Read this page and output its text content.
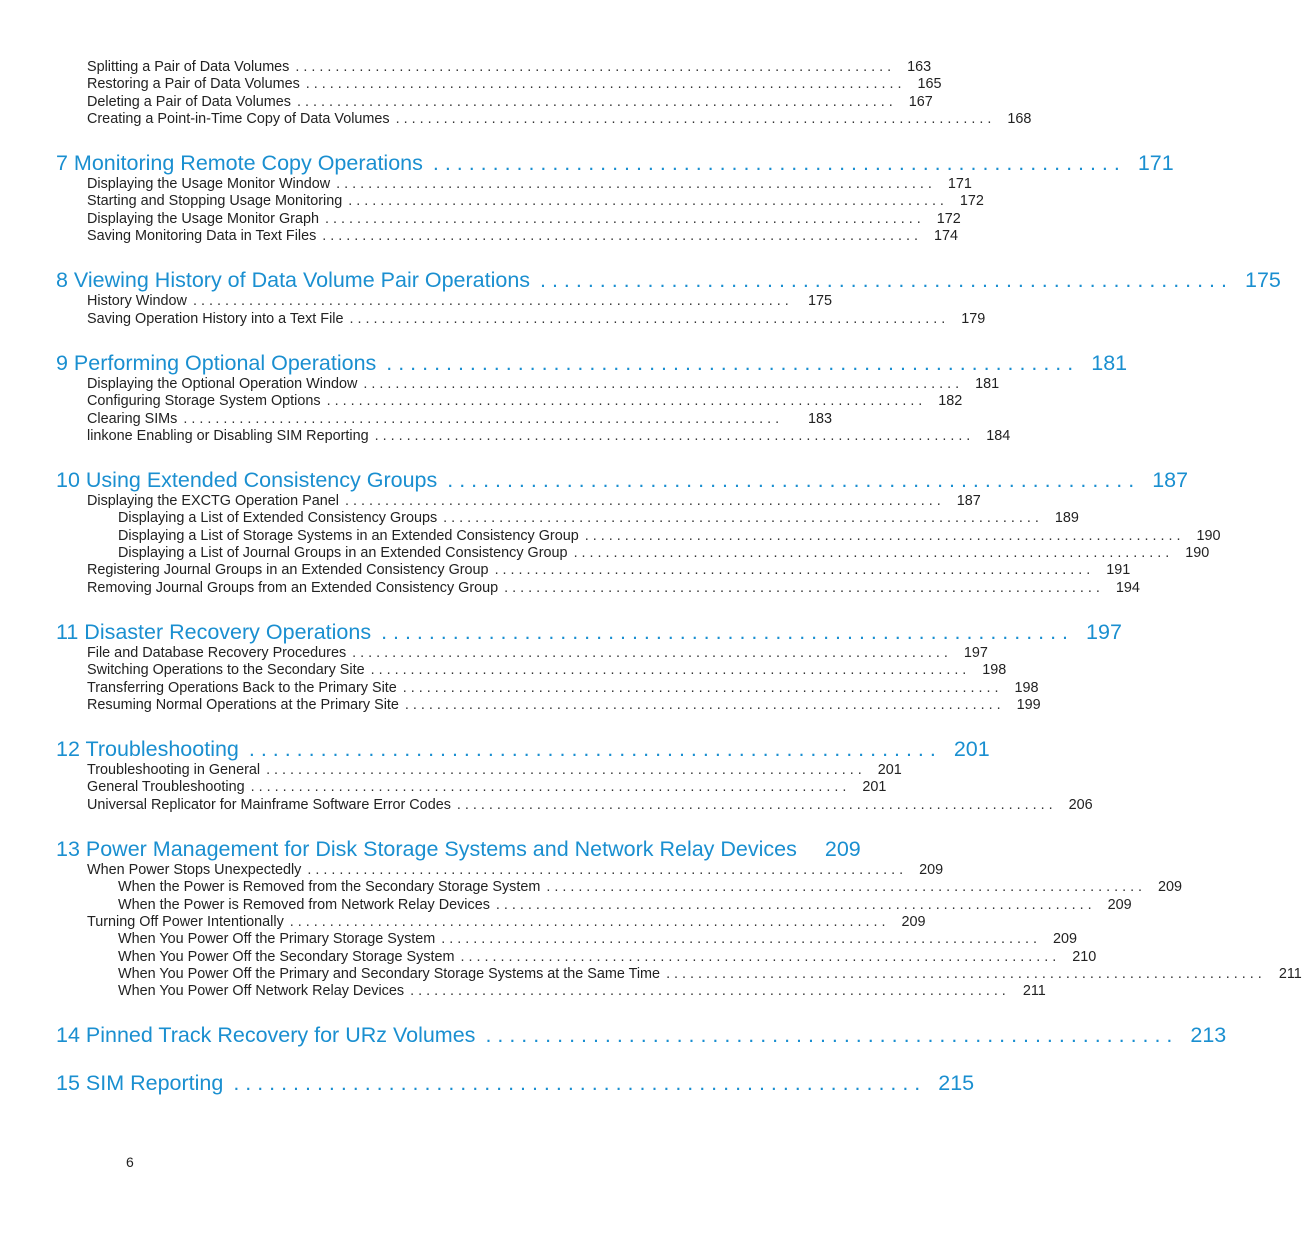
Splitting a Pair of Data Volumes . . . . . . . . . . . . . . . . . . . . . . . . . . . . . . . . . . . . . . . . . . . . . . . . . . . . . . . . . . . . . . . . . . . . . . . . . . . 163
Restoring a Pair of Data Volumes . . . . . . . . . . . . . . . . . . . . . . . . . . . . . . . . . . . . . . . . . . . . . . . . . . . . . . . . . . . . . . . . . . . . . . . . . . . 165
Deleting a Pair of Data Volumes . . . . . . . . . . . . . . . . . . . . . . . . . . . . . . . . . . . . . . . . . . . . . . . . . . . . . . . . . . . . . . . . . . . . . . . . . . . 167
Creating a Point-in-Time Copy of Data Volumes . . . . . . . . . . . . . . . . . . . . . . . . . . . . . . . . . . . . . . . . . . . . . . . . . . . . . . . . . . . . . . . . . . . . . . . . . . . 168
7 Monitoring Remote Copy Operations . . . . . . . . . . . . . . . . . . . . . . . . . . . . . . . . . . . . . . . . . . . . . . . . . . . . . . . . . . 171
Displaying the Usage Monitor Window . . . . . . . . . . . . . . . . . . . . . . . . . . . . . . . . . . . . . . . . . . . . . . . . . . . . . . . . . . . . . . . . . . . . . . . . . . . 171
Starting and Stopping Usage Monitoring . . . . . . . . . . . . . . . . . . . . . . . . . . . . . . . . . . . . . . . . . . . . . . . . . . . . . . . . . . . . . . . . . . . . . . . . . . . 172
Displaying the Usage Monitor Graph . . . . . . . . . . . . . . . . . . . . . . . . . . . . . . . . . . . . . . . . . . . . . . . . . . . . . . . . . . . . . . . . . . . . . . . . . . . 172
Saving Monitoring Data in Text Files . . . . . . . . . . . . . . . . . . . . . . . . . . . . . . . . . . . . . . . . . . . . . . . . . . . . . . . . . . . . . . . . . . . . . . . . . . . 174
8 Viewing History of Data Volume Pair Operations . . . . . . . . . . . . . . . . . . . . . . . . . . . . . . . . . . . . . . . . . . . . . . . . . . . . . . . . . . 175
History Window . . . . . . . . . . . . . . . . . . . . . . . . . . . . . . . . . . . . . . . . . . . . . . . . . . . . . . . . . . . . . . . . . . . . . . . . . . . 175
Saving Operation History into a Text File . . . . . . . . . . . . . . . . . . . . . . . . . . . . . . . . . . . . . . . . . . . . . . . . . . . . . . . . . . . . . . . . . . . . . . . . . . . 179
9 Performing Optional Operations . . . . . . . . . . . . . . . . . . . . . . . . . . . . . . . . . . . . . . . . . . . . . . . . . . . . . . . . . . 181
Displaying the Optional Operation Window . . . . . . . . . . . . . . . . . . . . . . . . . . . . . . . . . . . . . . . . . . . . . . . . . . . . . . . . . . . . . . . . . . . . . . . . . . . 181
Configuring Storage System Options . . . . . . . . . . . . . . . . . . . . . . . . . . . . . . . . . . . . . . . . . . . . . . . . . . . . . . . . . . . . . . . . . . . . . . . . . . . 182
Clearing SIMs . . . . . . . . . . . . . . . . . . . . . . . . . . . . . . . . . . . . . . . . . . . . . . . . . . . . . . . . . . . . . . . . . . . . . . . . . . .	183
linkone Enabling or Disabling SIM Reporting . . . . . . . . . . . . . . . . . . . . . . . . . . . . . . . . . . . . . . . . . . . . . . . . . . . . . . . . . . . . . . . . . . . . . . . . . . . 184
10 Using Extended Consistency Groups . . . . . . . . . . . . . . . . . . . . . . . . . . . . . . . . . . . . . . . . . . . . . . . . . . . . . . . . . . 187
Displaying the EXCTG Operation Panel . . . . . . . . . . . . . . . . . . . . . . . . . . . . . . . . . . . . . . . . . . . . . . . . . . . . . . . . . . . . . . . . . . . . . . . . . . . 187
Displaying a List of Extended Consistency Groups . . . . . . . . . . . . . . . . . . . . . . . . . . . . . . . . . . . . . . . . . . . . . . . . . . . . . . . . . . . . . . . . . . . . . . . . . . . 189
Displaying a List of Storage Systems in an Extended Consistency Group . . . . . . . . . . . . . . . . . . . . . . . . . . . . . . . . . . . . . . . . . . . . . . . . . . . . . . . . . . . . . . . . . . . . . . . . . . . 190
Displaying a List of Journal Groups in an Extended Consistency Group . . . . . . . . . . . . . . . . . . . . . . . . . . . . . . . . . . . . . . . . . . . . . . . . . . . . . . . . . . . . . . . . . . . . . . . . . . . 190
Registering Journal Groups in an Extended Consistency Group . . . . . . . . . . . . . . . . . . . . . . . . . . . . . . . . . . . . . . . . . . . . . . . . . . . . . . . . . . . . . . . . . . . . . . . . . . . 191
Removing Journal Groups from an Extended Consistency Group . . . . . . . . . . . . . . . . . . . . . . . . . . . . . . . . . . . . . . . . . . . . . . . . . . . . . . . . . . . . . . . . . . . . . . . . . . . 194
11 Disaster Recovery Operations . . . . . . . . . . . . . . . . . . . . . . . . . . . . . . . . . . . . . . . . . . . . . . . . . . . . . . . . . . 197
File and Database Recovery Procedures . . . . . . . . . . . . . . . . . . . . . . . . . . . . . . . . . . . . . . . . . . . . . . . . . . . . . . . . . . . . . . . . . . . . . . . . . . . 197
Switching Operations to the Secondary Site . . . . . . . . . . . . . . . . . . . . . . . . . . . . . . . . . . . . . . . . . . . . . . . . . . . . . . . . . . . . . . . . . . . . . . . . . . . 198
Transferring Operations Back to the Primary Site . . . . . . . . . . . . . . . . . . . . . . . . . . . . . . . . . . . . . . . . . . . . . . . . . . . . . . . . . . . . . . . . . . . . . . . . . . . 198
Resuming Normal Operations at the Primary Site . . . . . . . . . . . . . . . . . . . . . . . . . . . . . . . . . . . . . . . . . . . . . . . . . . . . . . . . . . . . . . . . . . . . . . . . . . . 199
12 Troubleshooting . . . . . . . . . . . . . . . . . . . . . . . . . . . . . . . . . . . . . . . . . . . . . . . . . . . . . . . . . . 201
Troubleshooting in General . . . . . . . . . . . . . . . . . . . . . . . . . . . . . . . . . . . . . . . . . . . . . . . . . . . . . . . . . . . . . . . . . . . . . . . . . . . 201
General Troubleshooting . . . . . . . . . . . . . . . . . . . . . . . . . . . . . . . . . . . . . . . . . . . . . . . . . . . . . . . . . . . . . . . . . . . . . . . . . . . 201
Universal Replicator for Mainframe Software Error Codes . . . . . . . . . . . . . . . . . . . . . . . . . . . . . . . . . . . . . . . . . . . . . . . . . . . . . . . . . . . . . . . . . . . . . . . . . . . 206
13 Power Management for Disk Storage Systems and Network Relay Devices 209
When Power Stops Unexpectedly . . . . . . . . . . . . . . . . . . . . . . . . . . . . . . . . . . . . . . . . . . . . . . . . . . . . . . . . . . . . . . . . . . . . . . . . . . . 209
When the Power is Removed from the Secondary Storage System . . . . . . . . . . . . . . . . . . . . . . . . . . . . . . . . . . . . . . . . . . . . . . . . . . . . . . . . . . . . . . . . . . . . . . . . . . . 209
When the Power is Removed from Network Relay Devices . . . . . . . . . . . . . . . . . . . . . . . . . . . . . . . . . . . . . . . . . . . . . . . . . . . . . . . . . . . . . . . . . . . . . . . . . . . 209
Turning Off Power Intentionally . . . . . . . . . . . . . . . . . . . . . . . . . . . . . . . . . . . . . . . . . . . . . . . . . . . . . . . . . . . . . . . . . . . . . . . . . . . 209
When You Power Off the Primary Storage System . . . . . . . . . . . . . . . . . . . . . . . . . . . . . . . . . . . . . . . . . . . . . . . . . . . . . . . . . . . . . . . . . . . . . . . . . . . 209
When You Power Off the Secondary Storage System . . . . . . . . . . . . . . . . . . . . . . . . . . . . . . . . . . . . . . . . . . . . . . . . . . . . . . . . . . . . . . . . . . . . . . . . . . . 210
When You Power Off the Primary and Secondary Storage Systems at the Same Time . . . . . . . . . . . . . . . . . . . . . . . . . . . . . . . . . . . . . . . . . . . . . . . . . . . . . . . . . . . . . . . . . . . . . . . . . . . 211
When You Power Off Network Relay Devices . . . . . . . . . . . . . . . . . . . . . . . . . . . . . . . . . . . . . . . . . . . . . . . . . . . . . . . . . . . . . . . . . . . . . . . . . . . 211
14 Pinned Track Recovery for URz Volumes . . . . . . . . . . . . . . . . . . . . . . . . . . . . . . . . . . . . . . . . . . . . . . . . . . . . . . . . . . 213
15 SIM Reporting . . . . . . . . . . . . . . . . . . . . . . . . . . . . . . . . . . . . . . . . . . . . . . . . . . . . . . . . . . 215
6
